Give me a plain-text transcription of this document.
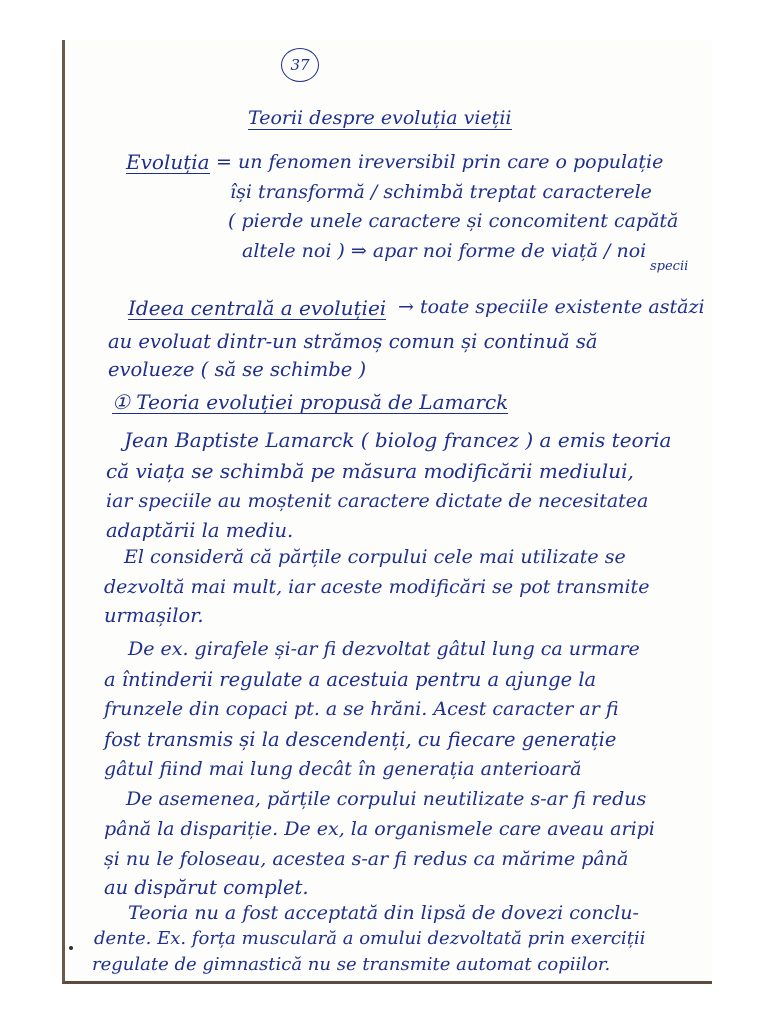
37
Teorii despre evoluția vieții
Evoluția = un fenomen ireversibil prin care o populație
își transformă / schimbă treptat caracterele
( pierde unele caractere și concomitent capătă
altele noi ) ⇒ apar noi forme de viață / noi
specii
Ideea centrală a evoluției → toate speciile existente astăzi
au evoluat dintr-un strămoș comun și continuă să
evolueze ( să se schimbe )
① Teoria evoluției propusă de Lamarck
Jean Baptiste Lamarck ( biolog francez ) a emis teoria
că viața se schimbă pe măsura modificării mediului,
iar speciile au moștenit caractere dictate de necesitatea
adaptării la mediu.
El consideră că părțile corpului cele mai utilizate se
dezvoltă mai mult, iar aceste modificări se pot transmite
urmașilor.
De ex. girafele și-ar fi dezvoltat gâtul lung ca urmare
a întinderii regulate a acestuia pentru a ajunge la
frunzele din copaci pt. a se hrăni. Acest caracter ar fi
fost transmis și la descendenți, cu fiecare generație
gâtul fiind mai lung decât în generația anterioară
De asemenea, părțile corpului neutilizate s-ar fi redus
până la dispariție. De ex, la organismele care aveau aripi
și nu le foloseau, acestea s-ar fi redus ca mărime până
au dispărut complet.
Teoria nu a fost acceptată din lipsă de dovezi conclu-
dente. Ex. forța musculară a omului dezvoltată prin exerciții
regulate de gimnastică nu se transmite automat copiilor.
